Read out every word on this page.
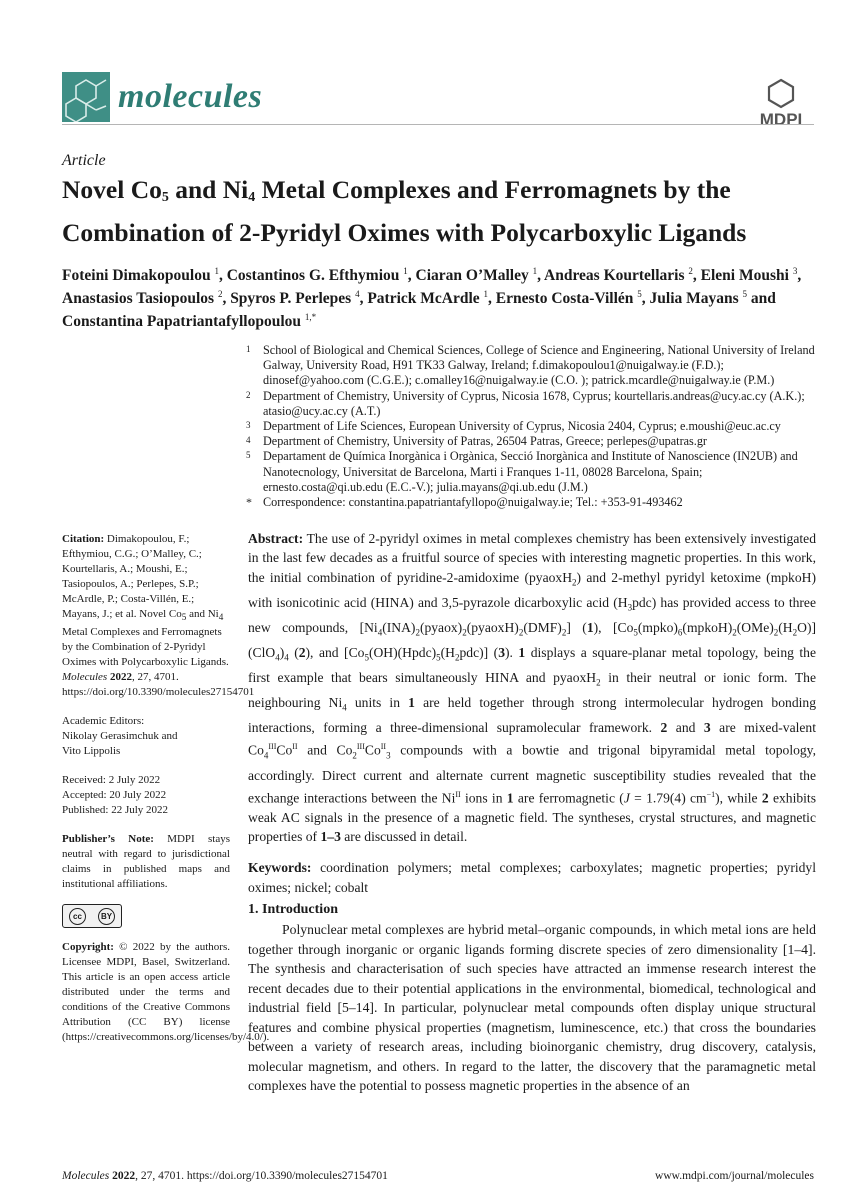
molecules
MDPI
Article
Novel $Co_5$ and $Ni_4$ Metal Complexes and Ferromagnets by the
Combination of 2-Pyridyl Oximes with Polycarboxylic Ligands

Foteini Dimakopoulou $^1$, Costantinos G. Efthymiou $^1$, Ciaran O’Malley $^1$, Andreas Kourtellaris $^2$, Eleni Moushi $^3$, Anastasios Tasiopoulos $^2$, Spyros P. Perlepes $^4$, Patrick McArdle $^1$, Ernesto Costa-Villén $^5$, Julia Mayans $^5$ and Constantina Papatriantafyllopoulou $^{1,*}$

1 School of Biological and Chemical Sciences, College of Science and Engineering, National University of Ireland Galway, University Road, H91 TK33 Galway, Ireland; f.dimakopoulou1@nuigalway.ie (F.D.); dinosef@yahoo.com (C.G.E.); c.omalley16@nuigalway.ie (C.O. ); patrick.mcardle@nuigalway.ie (P.M.)
2 Department of Chemistry, University of Cyprus, Nicosia 1678, Cyprus; kourtellaris.andreas@ucy.ac.cy (A.K.); atasio@ucy.ac.cy (A.T.)
3 Department of Life Sciences, European University of Cyprus, Nicosia 2404, Cyprus; e.moushi@euc.ac.cy
4 Department of Chemistry, University of Patras, 26504 Patras, Greece; perlepes@upatras.gr
5 Departament de Química Inorgànica i Orgànica, Secció Inorgànica and Institute of Nanoscience (IN2UB) and Nanotecnology, Universitat de Barcelona, Marti i Franques 1-11, 08028 Barcelona, Spain; ernesto.costa@qi.ub.edu (E.C.-V.); julia.mayans@qi.ub.edu (J.M.)
* Correspondence: constantina.papatriantafyllopo@nuigalway.ie; Tel.: +353-91-493462

Citation: Dimakopoulou, F.; Efthymiou, C.G.; O’Malley, C.; Kourtellaris, A.; Moushi, E.; Tasiopoulos, A.; Perlepes, S.P.; McArdle, P.; Costa-Villén, E.; Mayans, J.; et al. Novel $Co_5$ and $Ni_4$ Metal Complexes and Ferromagnets by the Combination of 2-Pyridyl Oximes with Polycarboxylic Ligands. Molecules 2022, 27, 4701. https://doi.org/10.3390/molecules27154701

Academic Editors:
Nikolay Gerasimchuk and
Vito Lippolis

Received: 2 July 2022
Accepted: 20 July 2022
Published: 22 July 2022

Publisher’s Note: MDPI stays neutral with regard to jurisdictional claims in published maps and institutional affiliations.

cc	BY

Copyright: © 2022 by the authors. Licensee MDPI, Basel, Switzerland. This article is an open access article distributed under the terms and conditions of the Creative Commons Attribution (CC BY) license (https://creativecommons.org/licenses/by/4.0/).

Abstract: The use of 2-pyridyl oximes in metal complexes chemistry has been extensively investigated in the last few decades as a fruitful source of species with interesting magnetic properties. In this work, the initial combination of pyridine-2-amidoxime (pyaoxH$_2$) and 2-methyl pyridyl ketoxime (mpkoH) with isonicotinic acid (HINA) and 3,5-pyrazole dicarboxylic acid $(H_3pdc)$ has provided access to three new compounds, $[Ni_4(INA)_2(pyaox)_2(pyaoxH)_2(DMF)_2]$ (1), $[Co_5(mpko)_6(mpkoH)_2(OMe)_2(H_2O)](ClO_4)_4$ (2), and $[Co_5(OH)(Hpdc)_5(H_2pdc)]$ (3). 1 displays a square-planar metal topology, being the first example that bears simultaneously HINA and pyaoxH$_2$ in their neutral or ionic form. The neighbouring $Ni_4$ units in 1 are held together through strong intermolecular hydrogen bonding interactions, forming a three-dimensional supramolecular framework. 2 and 3 are mixed-valent $Co_4^{III}Co^{II}$ and $Co_2^{III}Co^{II}_3$ compounds with a bowtie and trigonal bipyramidal metal topology, accordingly. Direct current and alternate current magnetic susceptibility studies revealed that the exchange interactions between the $Ni^{II}$ ions in 1 are ferromagnetic (J = 1.79(4) $cm^{-1}$), while 2 exhibits weak AC signals in the presence of a magnetic field. The syntheses, crystal structures, and magnetic properties of 1–3 are discussed in detail.

Keywords: coordination polymers; metal complexes; carboxylates; magnetic properties; pyridyl oximes; nickel; cobalt

1. Introduction

Polynuclear metal complexes are hybrid metal–organic compounds, in which metal ions are held together through inorganic or organic ligands forming discrete species of zero dimensionality [1–4]. The synthesis and characterisation of such species have attracted an immense research interest the recent decades due to their potential applications in the environmental, biomedical, technological and industrial field [5–14]. In particular, polynuclear metal compounds often display unique structural features and combine physical properties (magnetism, luminescence, etc.) that cross the boundaries between a variety of research areas, including bioinorganic chemistry, drug discovery, catalysis, molecular magnetism, and others. In regard to the latter, the discovery that the paramagnetic metal complexes have the potential to possess magnetic properties in the absence of an

Molecules 2022, 27, 4701. https://doi.org/10.3390/molecules27154701	www.mdpi.com/journal/molecules
